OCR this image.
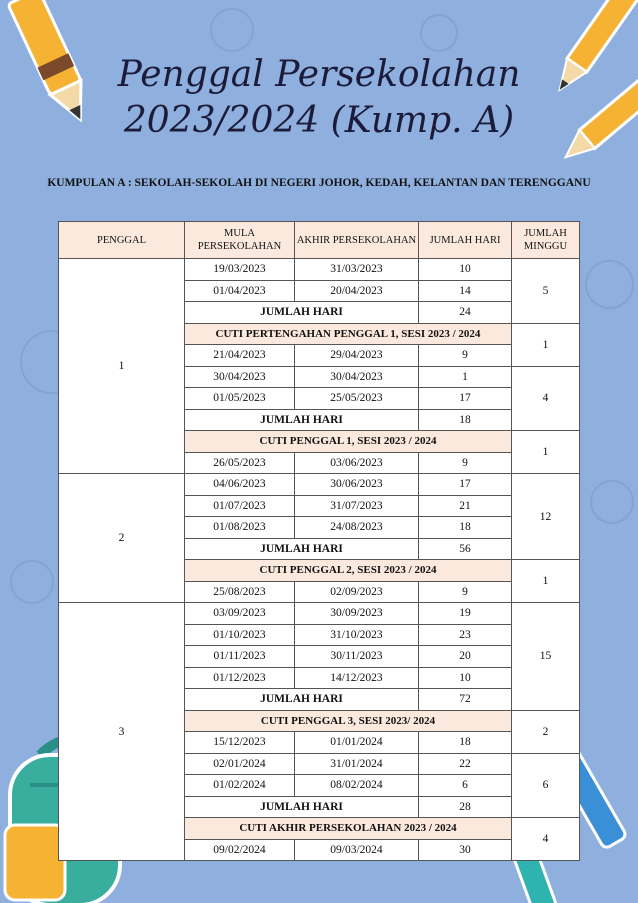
Penggal Persekolahan
2023/2024 (Kump. A)
KUMPULAN A : SEKOLAH-SEKOLAH DI NEGERI JOHOR, KEDAH, KELANTAN DAN TERENGGANU
PENGGAL	MULA PERSEKOLAHAN	AKHIR PERSEKOLAHAN	JUMLAH HARI	JUMLAH MINGGU
1	19/03/2023	31/03/2023	10	5
	01/04/2023	20/04/2023	14	
	JUMLAH HARI		24	
	CUTI PERTENGAHAN PENGGAL 1, SESI 2023 / 2024			1
	21/04/2023	29/04/2023	9	
	30/04/2023	30/04/2023	1	4
	01/05/2023	25/05/2023	17	
	JUMLAH HARI		18	
	CUTI PENGGAL 1, SESI 2023 / 2024			1
	26/05/2023	03/06/2023	9	
2	04/06/2023	30/06/2023	17	12
	01/07/2023	31/07/2023	21	
	01/08/2023	24/08/2023	18	
	JUMLAH HARI		56	
	CUTI PENGGAL 2, SESI 2023 / 2024			1
	25/08/2023	02/09/2023	9	
3	03/09/2023	30/09/2023	19	15
	01/10/2023	31/10/2023	23	
	01/11/2023	30/11/2023	20	
	01/12/2023	14/12/2023	10	
	JUMLAH HARI		72	
	CUTI PENGGAL 3, SESI 2023/ 2024			2
	15/12/2023	01/01/2024	18	
	02/01/2024	31/01/2024	22	6
	01/02/2024	08/02/2024	6	
	JUMLAH HARI		28	
	CUTI AKHIR PERSEKOLAHAN 2023 / 2024			4
	09/02/2024	09/03/2024	30	
